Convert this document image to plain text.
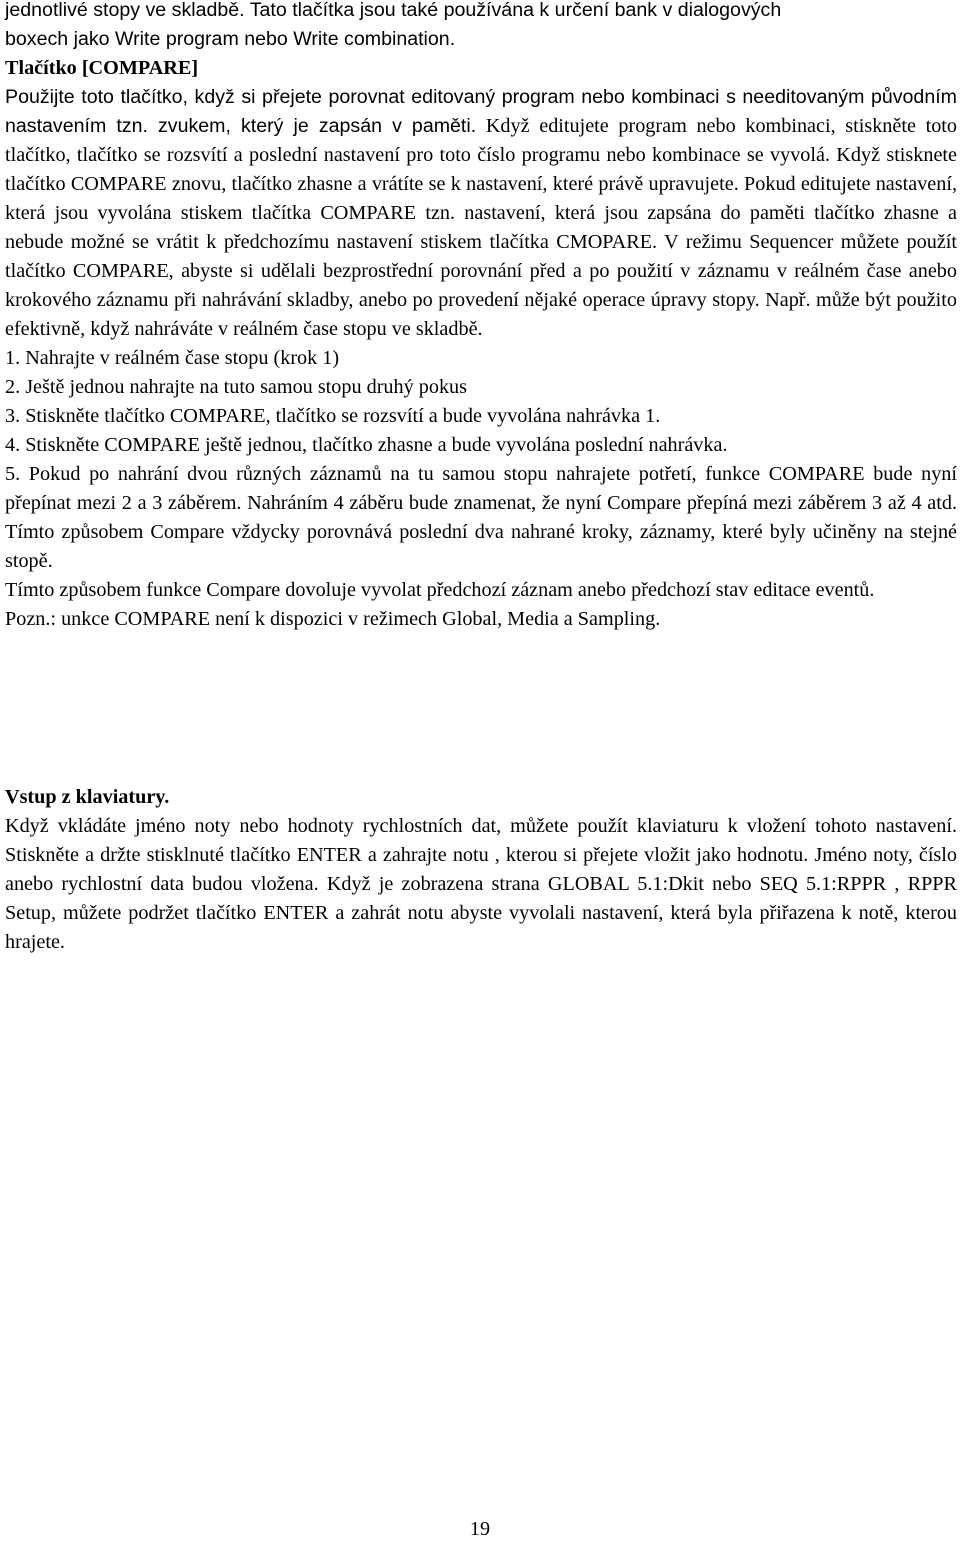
jednotlivé stopy ve skladbě. Tato tlačítka jsou také používána k určení bank v dialogových

boxech jako Write program nebo Write combination.

Tlačítko [COMPARE]

Použijte toto tlačítko, když si přejete porovnat editovaný program nebo kombinaci s needitovaným původním nastavením tzn. zvukem, který je zapsán v paměti. Když editujete program nebo kombinaci, stiskněte toto tlačítko, tlačítko se rozsvítí a poslední nastavení pro toto číslo programu nebo kombinace se vyvolá. Když stisknete tlačítko COMPARE znovu, tlačítko zhasne a vrátíte se k nastavení, které právě upravujete. Pokud editujete nastavení, která jsou vyvolána stiskem tlačítka COMPARE tzn. nastavení, která jsou zapsána do paměti tlačítko zhasne a nebude možné se vrátit k předchozímu nastavení stiskem tlačítka CMOPARE. V režimu Sequencer můžete použít tlačítko COMPARE, abyste si udělali bezprostřední porovnání před a po použití v záznamu v reálném čase anebo krokového záznamu při nahrávání skladby, anebo po provedení nějaké operace úpravy stopy. Např. může být použito efektivně, když nahráváte v reálném čase stopu ve skladbě.

1. Nahrajte v reálném čase stopu (krok 1)

2. Ještě jednou nahrajte na tuto samou stopu druhý pokus

3. Stiskněte tlačítko COMPARE, tlačítko se rozsvítí a bude vyvolána nahrávka 1.

4. Stiskněte COMPARE ještě jednou, tlačítko zhasne a bude vyvolána poslední nahrávka.

5. Pokud po nahrání dvou různých záznamů na tu samou stopu nahrajete potřetí, funkce COMPARE bude nyní přepínat mezi 2 a 3 záběrem. Nahráním 4 záběru bude znamenat, že nyní Compare přepíná mezi záběrem 3 až 4 atd. Tímto způsobem Compare vždycky porovnává poslední dva nahrané kroky, záznamy, které byly učiněny na stejné stopě.

Tímto způsobem funkce Compare dovoluje vyvolat předchozí záznam anebo předchozí stav editace eventů.

Pozn.: unkce COMPARE není k dispozici v režimech Global, Media a Sampling.

Vstup z klaviatury.

Když vkládáte jméno noty nebo hodnoty rychlostních dat, můžete použít klaviaturu k vložení tohoto nastavení. Stiskněte a držte stisklnuté tlačítko ENTER a zahrajte notu , kterou si přejete vložit jako hodnotu. Jméno noty, číslo anebo rychlostní data budou vložena. Když je zobrazena strana GLOBAL 5.1:Dkit nebo SEQ 5.1:RPPR , RPPR Setup, můžete podržet tlačítko ENTER a zahrát notu abyste vyvolali nastavení, která byla přiřazena k notě, kterou hrajete.

19
